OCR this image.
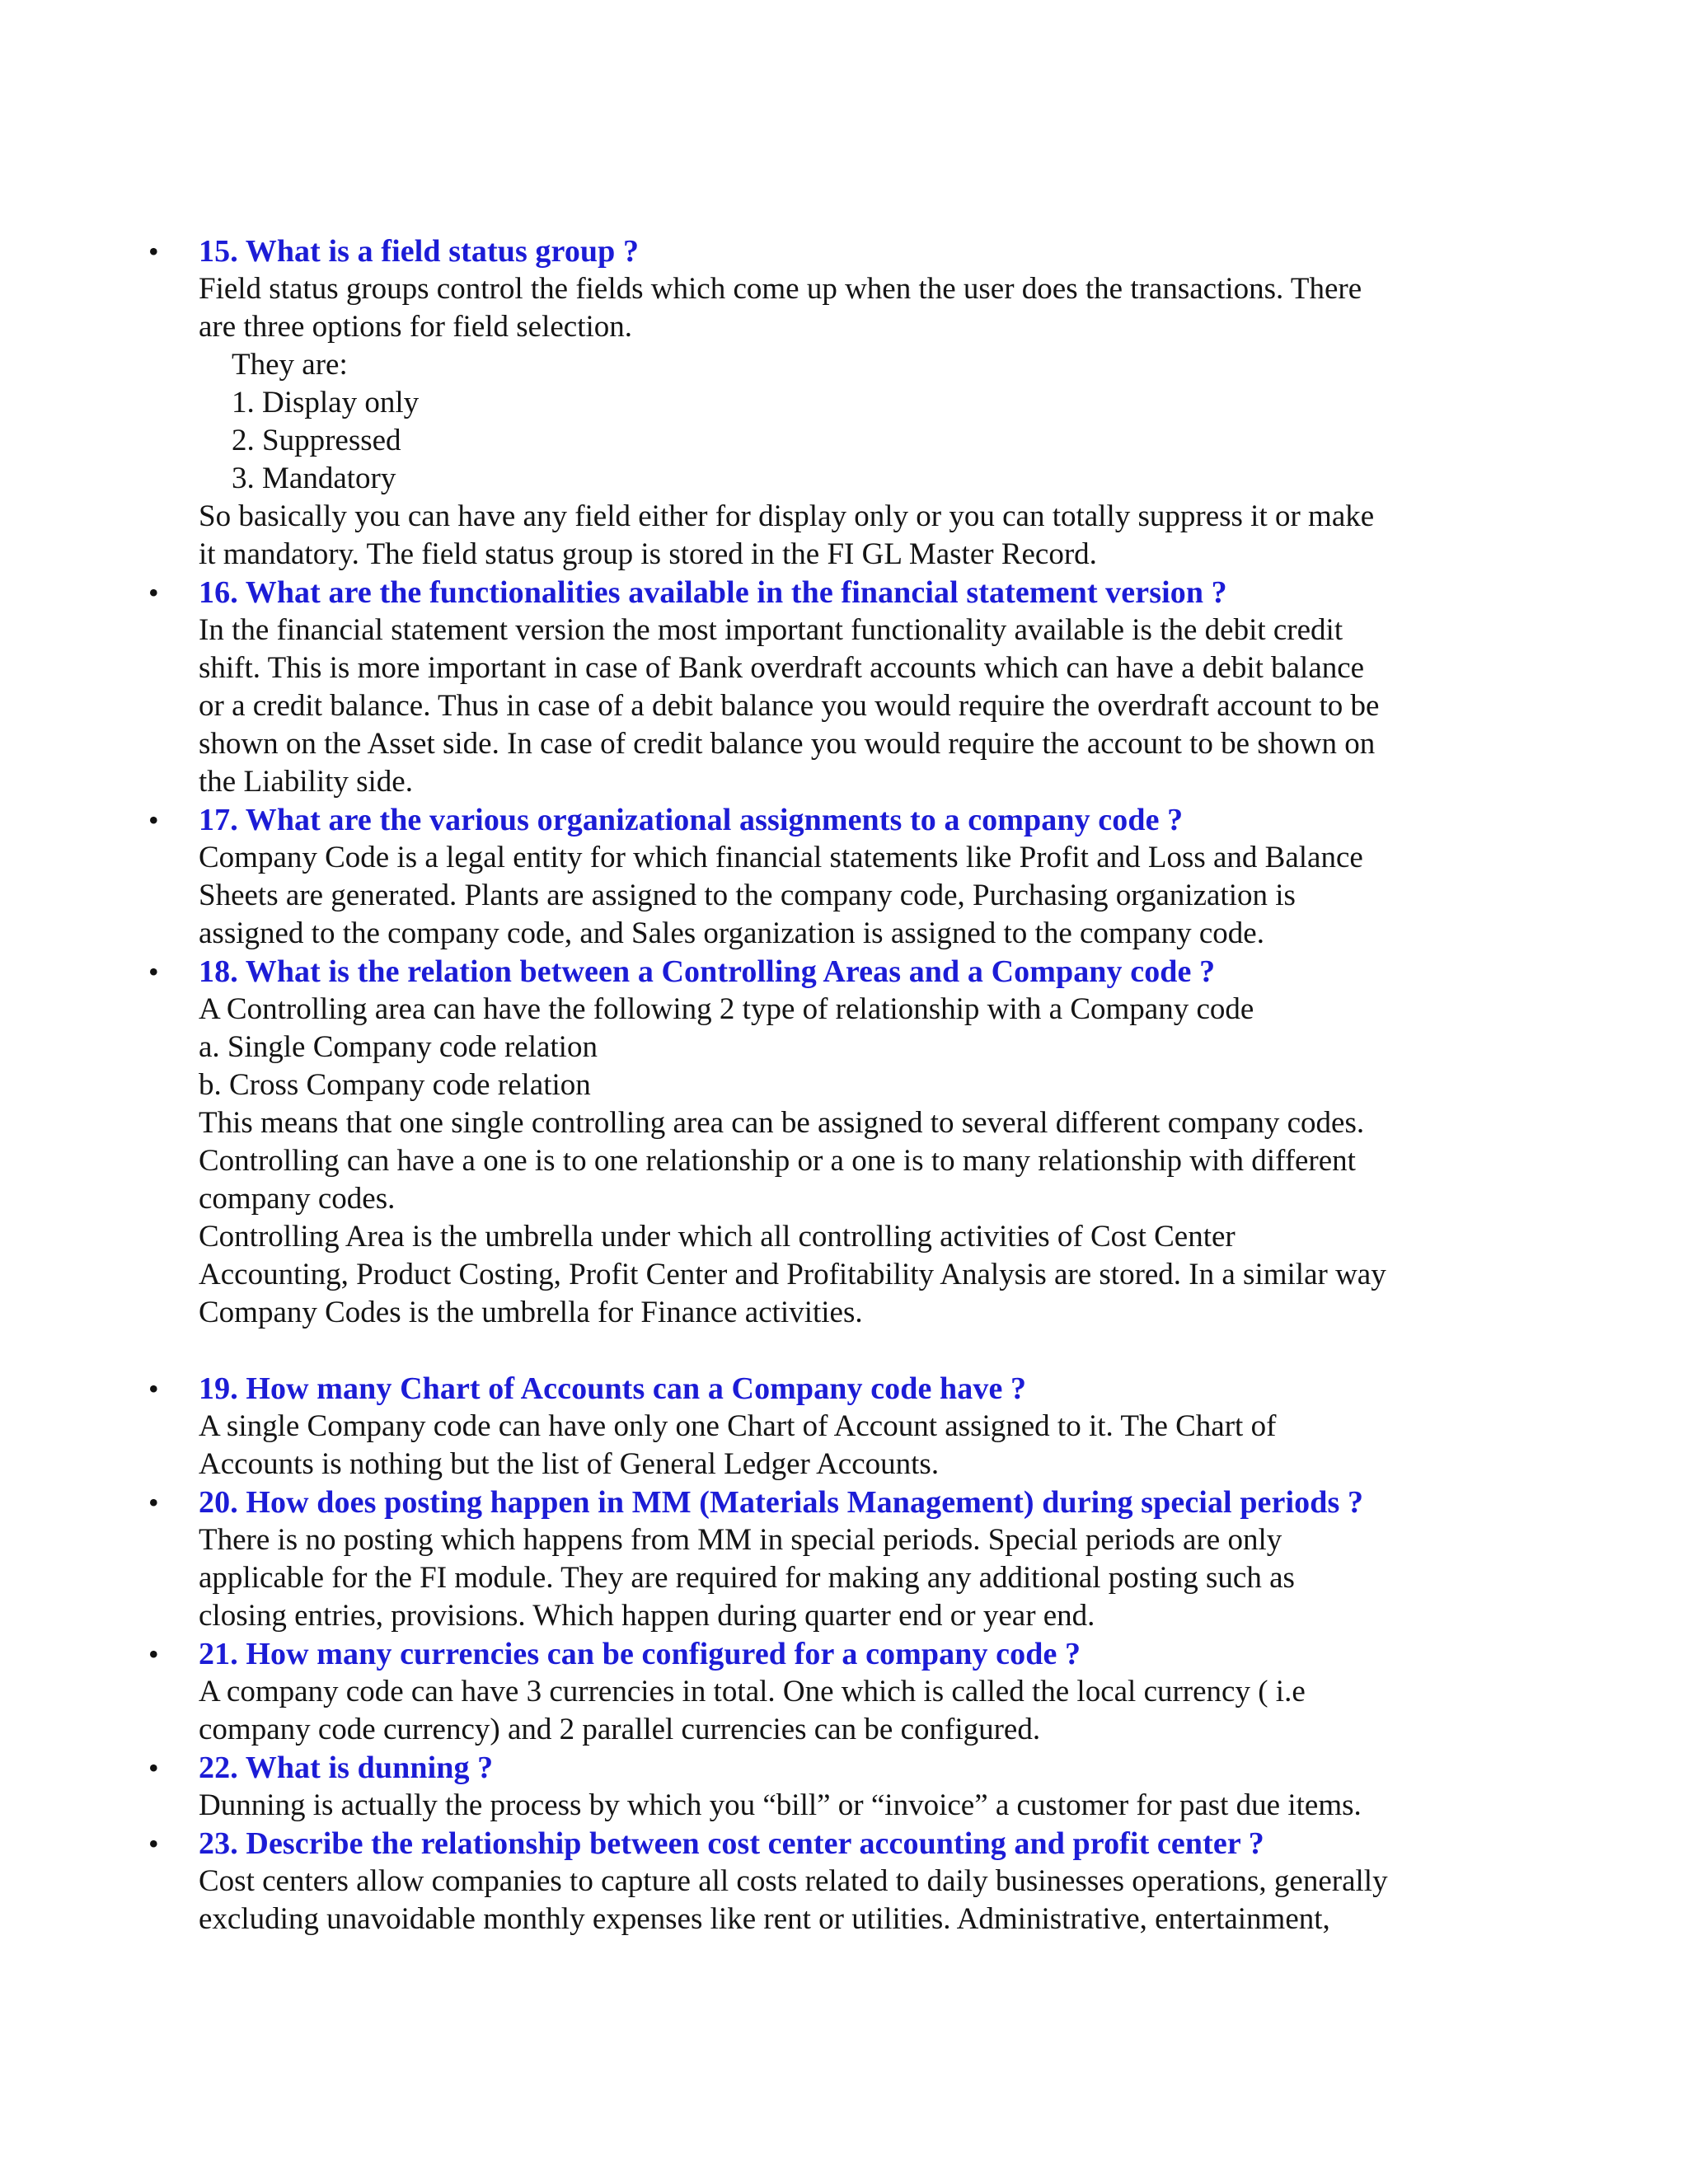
• 15. What is a field status group ?
Field status groups control the fields which come up when the user does the transactions. There
are three options for field selection.
They are:
1. Display only
2. Suppressed
3. Mandatory
So basically you can have any field either for display only or you can totally suppress it or make
it mandatory. The field status group is stored in the FI GL Master Record.
• 16. What are the functionalities available in the financial statement version ?
In the financial statement version the most important functionality available is the debit credit
shift. This is more important in case of Bank overdraft accounts which can have a debit balance
or a credit balance. Thus in case of a debit balance you would require the overdraft account to be
shown on the Asset side. In case of credit balance you would require the account to be shown on
the Liability side.
• 17. What are the various organizational assignments to a company code ?
Company Code is a legal entity for which financial statements like Profit and Loss and Balance
Sheets are generated. Plants are assigned to the company code, Purchasing organization is
assigned to the company code, and Sales organization is assigned to the company code.
• 18. What is the relation between a Controlling Areas and a Company code ?
A Controlling area can have the following 2 type of relationship with a Company code
a. Single Company code relation
b. Cross Company code relation
This means that one single controlling area can be assigned to several different company codes.
Controlling can have a one is to one relationship or a one is to many relationship with different
company codes.
Controlling Area is the umbrella under which all controlling activities of Cost Center
Accounting, Product Costing, Profit Center and Profitability Analysis are stored. In a similar way
Company Codes is the umbrella for Finance activities.
• 19. How many Chart of Accounts can a Company code have ?
A single Company code can have only one Chart of Account assigned to it. The Chart of
Accounts is nothing but the list of General Ledger Accounts.
• 20. How does posting happen in MM (Materials Management) during special periods ?
There is no posting which happens from MM in special periods. Special periods are only
applicable for the FI module. They are required for making any additional posting such as
closing entries, provisions. Which happen during quarter end or year end.
• 21. How many currencies can be configured for a company code ?
A company code can have 3 currencies in total. One which is called the local currency ( i.e
company code currency) and 2 parallel currencies can be configured.
• 22. What is dunning ?
Dunning is actually the process by which you “bill” or “invoice” a customer for past due items.
• 23. Describe the relationship between cost center accounting and profit center ?
Cost centers allow companies to capture all costs related to daily businesses operations, generally
excluding unavoidable monthly expenses like rent or utilities. Administrative, entertainment,
